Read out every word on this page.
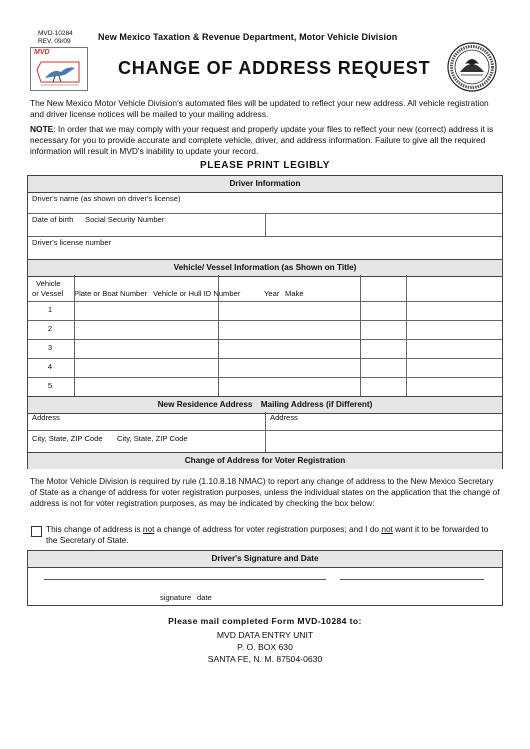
MVD-10284
REV. 09/09
MVD
New Mexico Taxation & Revenue Department, Motor Vehicle Division
CHANGE OF ADDRESS REQUEST
The New Mexico Motor Vehicle Division's automated files will be updated to reflect your new address. All vehicle registration and driver license notices will be mailed to your mailing address.
NOTE: In order that we may comply with your request and properly update your files to reflect your new (correct) address it is necessary for you to provide accurate and complete vehicle, driver, and address information. Failure to give all the required information will result in MVD's inability to update your record.
PLEASE PRINT LEGIBLY
Driver Information
Driver's name (as shown on driver's license)
Date of birth Social Security Number
Driver's license number
Vehicle/ Vessel Information (as Shown on Title)
Vehicle
or Vessel Plate or Boat Number Vehicle or Hull ID Number	Year Make
1
2
3
4
5
New Residence Address Mailing Address (if Different)
Address	Address
City, State, ZIP Code City, State, ZIP Code
Change of Address for Voter Registration
The Motor Vehicle Division is required by rule (1.10.8.18 NMAC) to report any change of address to the New Mexico Secretary of State as a change of address for voter registration purposes, unless the individual states on the application that the change of address is not for voter registration purposes, as may be indicated by checking the box below:
This change of address is not a change of address for voter registration purposes; and I do not want it to be forwarded to the Secretary of State.
Driver's Signature and Date
signature date
Please mail completed Form MVD-10284 to:
MVD DATA ENTRY UNIT
P. O. BOX 630
SANTA FE, N. M. 87504-0630
